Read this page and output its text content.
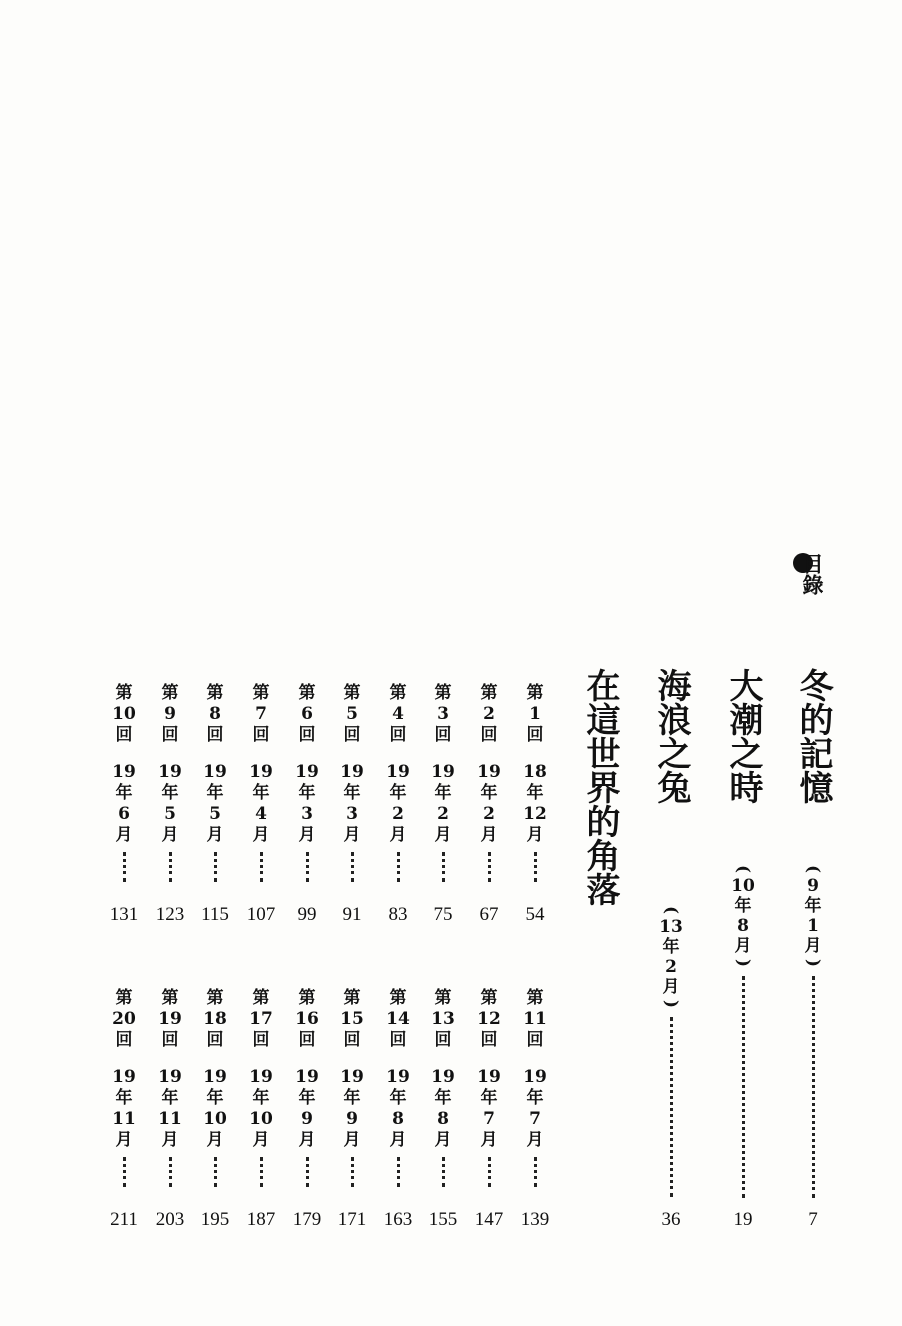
目錄
冬的記憶
(
9
年
1
月
)
7
大潮之時
(
10
年
8
月
)
19
海浪之兔
(
13
年
2
月
)
36
在這世界的角落
第
1
回
18
年
12
月
54
第
2
回
19
年
2
月
67
第
3
回
19
年
2
月
75
第
4
回
19
年
2
月
83
第
5
回
19
年
3
月
91
第
6
回
19
年
3
月
99
第
7
回
19
年
4
月
107
第
8
回
19
年
5
月
115
第
9
回
19
年
5
月
123
第
10
回
19
年
6
月
131
第
11
回
19
年
7
月
139
第
12
回
19
年
7
月
147
第
13
回
19
年
8
月
155
第
14
回
19
年
8
月
163
第
15
回
19
年
9
月
171
第
16
回
19
年
9
月
179
第
17
回
19
年
10
月
187
第
18
回
19
年
10
月
195
第
19
回
19
年
11
月
203
第
20
回
19
年
11
月
211
